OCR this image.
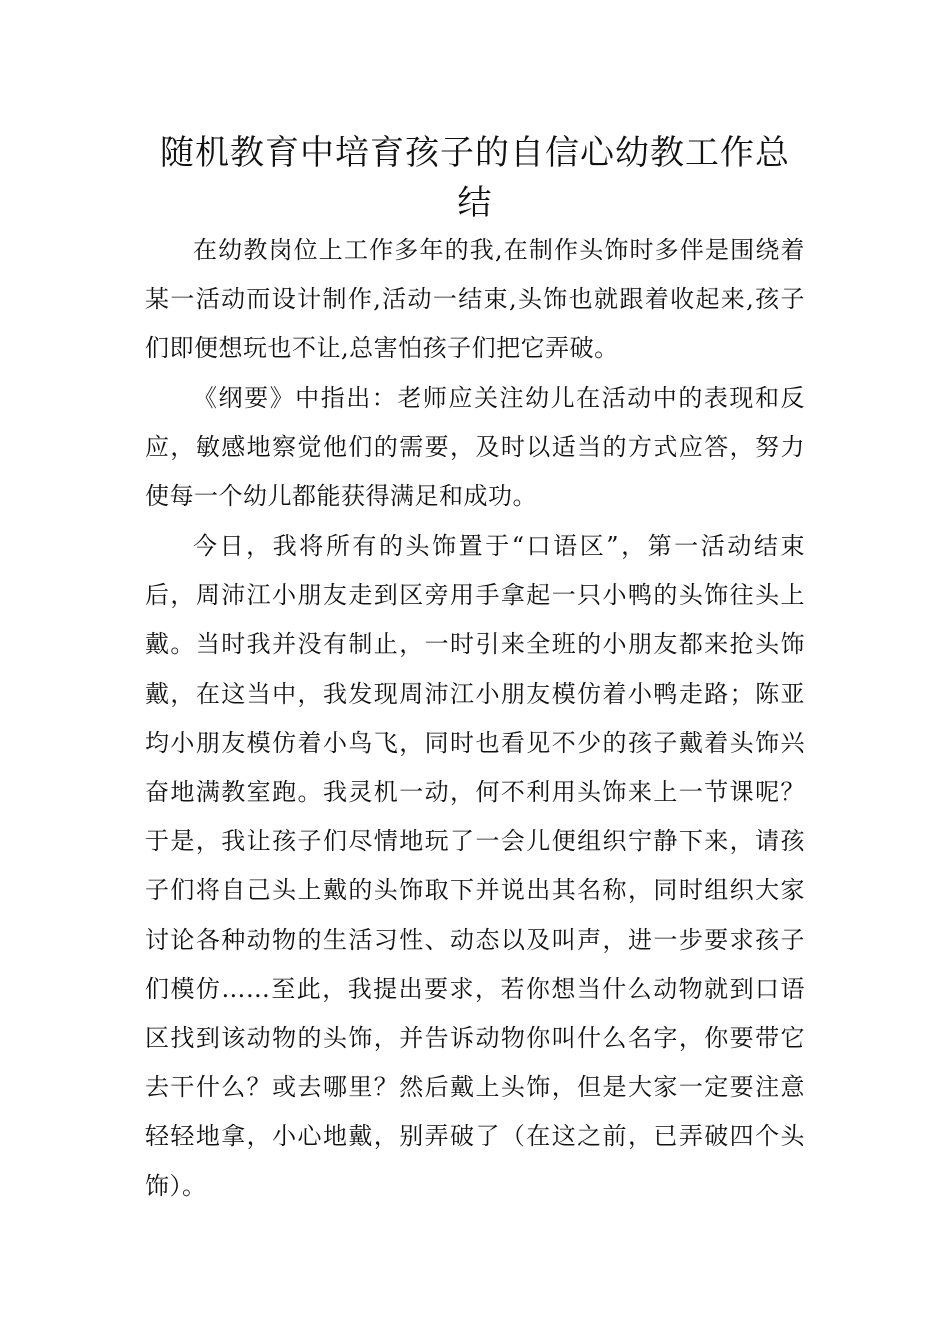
随机教育中培育孩子的自信心幼教工作总结

在幼教岗位上工作多年的我,在制作头饰时多伴是围绕着某一活动而设计制作,活动一结束,头饰也就跟着收起来,孩子们即便想玩也不让,总害怕孩子们把它弄破。

《纲要》中指出：老师应关注幼儿在活动中的表现和反应，敏感地察觉他们的需要，及时以适当的方式应答，努力使每一个幼儿都能获得满足和成功。

今日，我将所有的头饰置于“口语区”，第一活动结束后，周沛江小朋友走到区旁用手拿起一只小鸭的头饰往头上戴。当时我并没有制止，一时引来全班的小朋友都来抢头饰戴，在这当中，我发现周沛江小朋友模仿着小鸭走路；陈亚均小朋友模仿着小鸟飞，同时也看见不少的孩子戴着头饰兴奋地满教室跑。我灵机一动，何不利用头饰来上一节课呢？于是，我让孩子们尽情地玩了一会儿便组织宁静下来，请孩子们将自己头上戴的头饰取下并说出其名称，同时组织大家讨论各种动物的生活习性、动态以及叫声，进一步要求孩子们模仿……至此，我提出要求，若你想当什么动物就到口语区找到该动物的头饰，并告诉动物你叫什么名字，你要带它去干什么？或去哪里？然后戴上头饰，但是大家一定要注意轻轻地拿，小心地戴，别弄破了（在这之前，已弄破四个头饰）。
